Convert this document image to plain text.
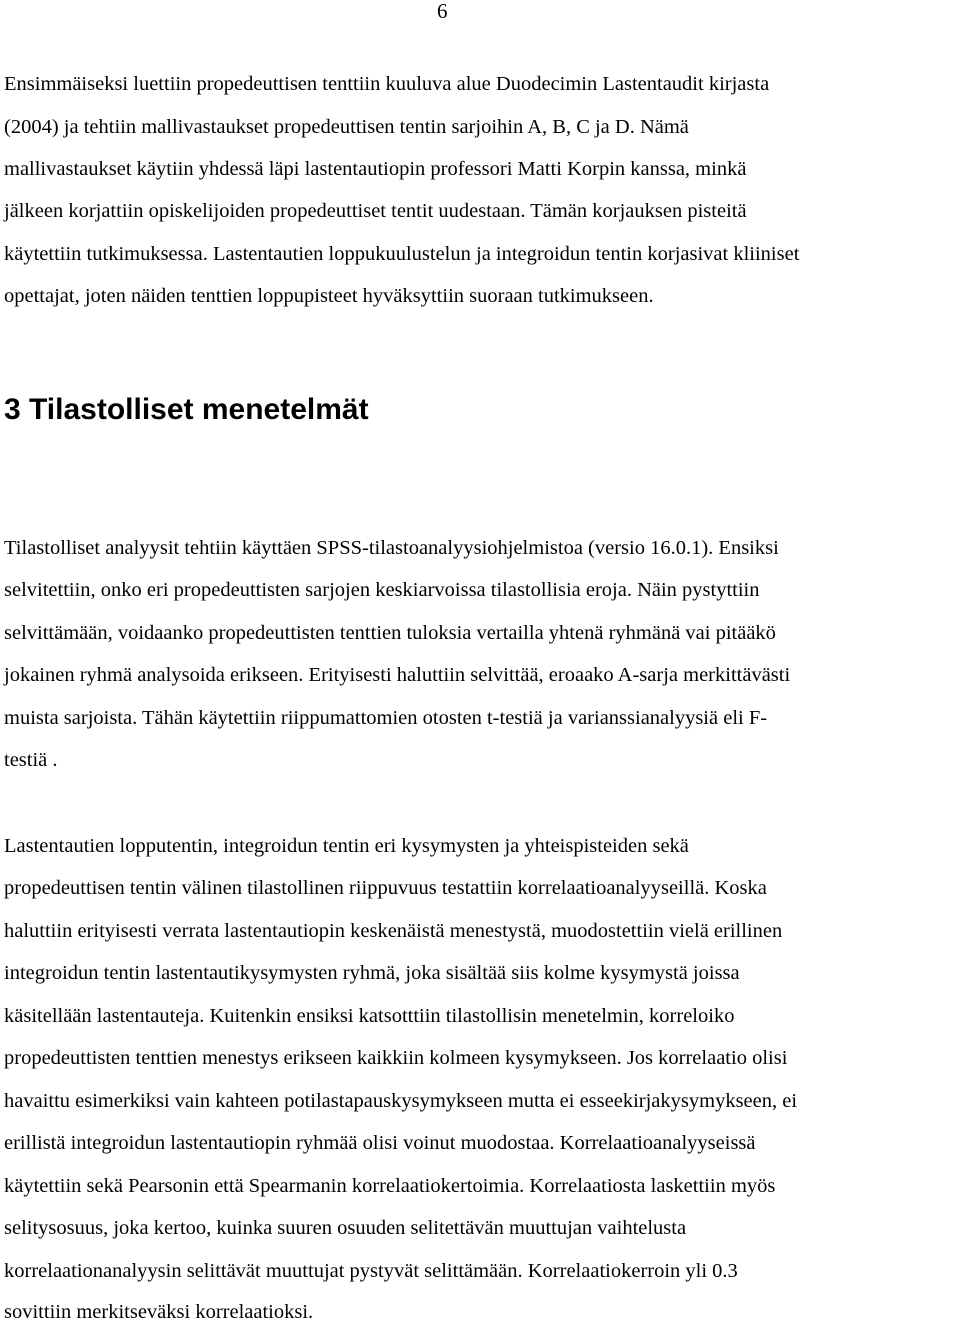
6
Ensimmäiseksi luettiin propedeuttisen tenttiin kuuluva alue Duodecimin Lastentaudit kirjasta
(2004) ja tehtiin mallivastaukset propedeuttisen tentin sarjoihin A, B, C ja D. Nämä
mallivastaukset käytiin yhdessä läpi lastentautiopin professori Matti Korpin kanssa, minkä
jälkeen korjattiin opiskelijoiden propedeuttiset tentit uudestaan. Tämän korjauksen pisteitä
käytettiin tutkimuksessa. Lastentautien loppukuulustelun ja integroidun tentin korjasivat kliiniset
opettajat, joten näiden tenttien loppupisteet hyväksyttiin suoraan tutkimukseen.
3 Tilastolliset menetelmät
Tilastolliset analyysit tehtiin käyttäen SPSS-tilastoanalyysiohjelmistoa (versio 16.0.1). Ensiksi
selvitettiin, onko eri propedeuttisten sarjojen keskiarvoissa tilastollisia eroja. Näin pystyttiin
selvittämään, voidaanko propedeuttisten tenttien tuloksia vertailla yhtenä ryhmänä vai pitääkö
jokainen ryhmä analysoida erikseen. Erityisesti haluttiin selvittää, eroaako A-sarja merkittävästi
muista sarjoista. Tähän käytettiin riippumattomien otosten t-testiä ja varianssianalyysiä eli F-
testiä .
Lastentautien lopputentin, integroidun tentin eri kysymysten ja yhteispisteiden sekä
propedeuttisen tentin välinen tilastollinen riippuvuus testattiin korrelaatioanalyyseillä. Koska
haluttiin erityisesti verrata lastentautiopin keskenäistä menestystä, muodostettiin vielä erillinen
integroidun tentin lastentautikysymysten ryhmä, joka sisältää siis kolme kysymystä joissa
käsitellään lastentauteja. Kuitenkin ensiksi katsotttiin tilastollisin menetelmin, korreloiko
propedeuttisten tenttien menestys erikseen kaikkiin kolmeen kysymykseen. Jos korrelaatio olisi
havaittu esimerkiksi vain kahteen potilastapauskysymykseen mutta ei esseekirjakysymykseen, ei
erillistä integroidun lastentautiopin ryhmää olisi voinut muodostaa. Korrelaatioanalyyseissä
käytettiin sekä Pearsonin että Spearmanin korrelaatiokertoimia. Korrelaatiosta laskettiin myös
selitysosuus, joka kertoo, kuinka suuren osuuden selitettävän muuttujan vaihtelusta
korrelaationanalyysin selittävät muuttujat pystyvät selittämään. Korrelaatiokerroin yli 0.3
sovittiin merkitseväksi korrelaatioksi.
